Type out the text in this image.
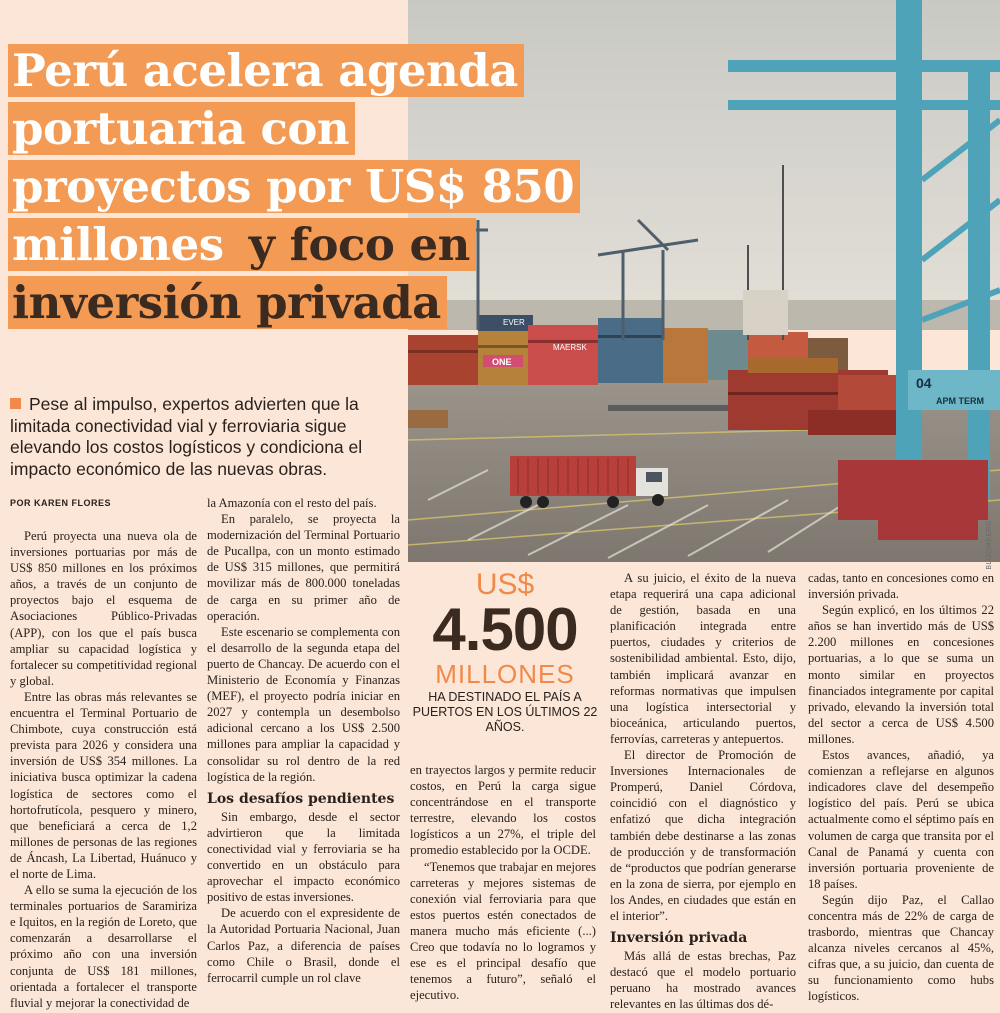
04
APM TERM
ONE
MAERSK
EVER
BLOOMBERG
Perú acelera agenda
portuaria con
proyectos por US$ 850
millones y foco en
inversión privada
Pese al impulso, expertos advierten que la limitada conectividad vial y ferroviaria sigue elevando los costos logísticos y condiciona el impacto económico de las nuevas obras.
POR KAREN FLORES

Perú proyecta una nueva ola de inversiones portuarias por más de US$ 850 millones en los próximos años, a través de un conjunto de proyectos bajo el esquema de Asociaciones Público-Privadas (APP), con los que el país busca ampliar su capacidad logística y fortalecer su competitividad regional y global.

Entre las obras más relevantes se encuentra el Terminal Portuario de Chimbote, cuya construcción está prevista para 2026 y considera una inversión de US$ 354 millones. La iniciativa busca optimizar la cadena logística de sectores como el hortofrutícola, pesquero y minero, que beneficiará a cerca de 1,2 millones de personas de las regiones de Áncash, La Libertad, Huánuco y el norte de Lima.

A ello se suma la ejecución de los terminales portuarios de Saramiriza e Iquitos, en la región de Loreto, que comenzarán a desarrollarse el próximo año con una inversión conjunta de US$ 181 millones, orientada a fortalecer el transporte fluvial y mejorar la conectividad de

la Amazonía con el resto del país.

En paralelo, se proyecta la modernización del Terminal Portuario de Pucallpa, con un monto estimado de US$ 315 millones, que permitirá movilizar más de 800.000 toneladas de carga en su primer año de operación.

Este escenario se complementa con el desarrollo de la segunda etapa del puerto de Chancay. De acuerdo con el Ministerio de Economía y Finanzas (MEF), el proyecto podría iniciar en 2027 y contempla un desembolso adicional cercano a los US$ 2.500 millones para ampliar la capacidad y consolidar su rol dentro de la red logística de la región.

Los desafíos pendientes

Sin embargo, desde el sector advirtieron que la limitada conectividad vial y ferroviaria se ha convertido en un obstáculo para aprovechar el impacto económico positivo de estas inversiones.

De acuerdo con el expresidente de la Autoridad Portuaria Nacional, Juan Carlos Paz, a diferencia de países como Chile o Brasil, donde el ferrocarril cumple un rol clave

US$
4.500
MILLONES
HA DESTINADO EL PAÍS A PUERTOS EN LOS ÚLTIMOS 22 AÑOS.

en trayectos largos y permite reducir costos, en Perú la carga sigue concentrándose en el transporte terrestre, elevando los costos logísticos a un 27%, el triple del promedio establecido por la OCDE.

“Tenemos que trabajar en mejores carreteras y mejores sistemas de conexión vial ferroviaria para que estos puertos estén conectados de manera mucho más eficiente (...) Creo que todavía no lo logramos y ese es el principal desafío que tenemos a futuro”, señaló el ejecutivo.

A su juicio, el éxito de la nueva etapa requerirá una capa adicional de gestión, basada en una planificación integrada entre puertos, ciudades y criterios de sostenibilidad ambiental. Esto, dijo, también implicará avanzar en reformas normativas que impulsen una logística intersectorial y bioceánica, articulando puertos, ferrovías, carreteras y antepuertos.

El director de Promoción de Inversiones Internacionales de Promperú, Daniel Córdova, coincidió con el diagnóstico y enfatizó que dicha integración también debe destinarse a las zonas de producción y de transformación de “productos que podrían generarse en la zona de sierra, por ejemplo en los Andes, en ciudades que están en el interior”.

Inversión privada

Más allá de estas brechas, Paz destacó que el modelo portuario peruano ha mostrado avances relevantes en las últimas dos dé-

cadas, tanto en concesiones como en inversión privada.

Según explicó, en los últimos 22 años se han invertido más de US$ 2.200 millones en concesiones portuarias, a lo que se suma un monto similar en proyectos financiados integramente por capital privado, elevando la inversión total del sector a cerca de US$ 4.500 millones.

Estos avances, añadió, ya comienzan a reflejarse en algunos indicadores clave del desempeño logístico del país. Perú se ubica actualmente como el séptimo país en volumen de carga que transita por el Canal de Panamá y cuenta con inversión portuaria proveniente de 18 países.

Según dijo Paz, el Callao concentra más de 22% de carga de trasbordo, mientras que Chancay alcanza niveles cercanos al 45%, cifras que, a su juicio, dan cuenta de su funcionamiento como hubs logísticos.
